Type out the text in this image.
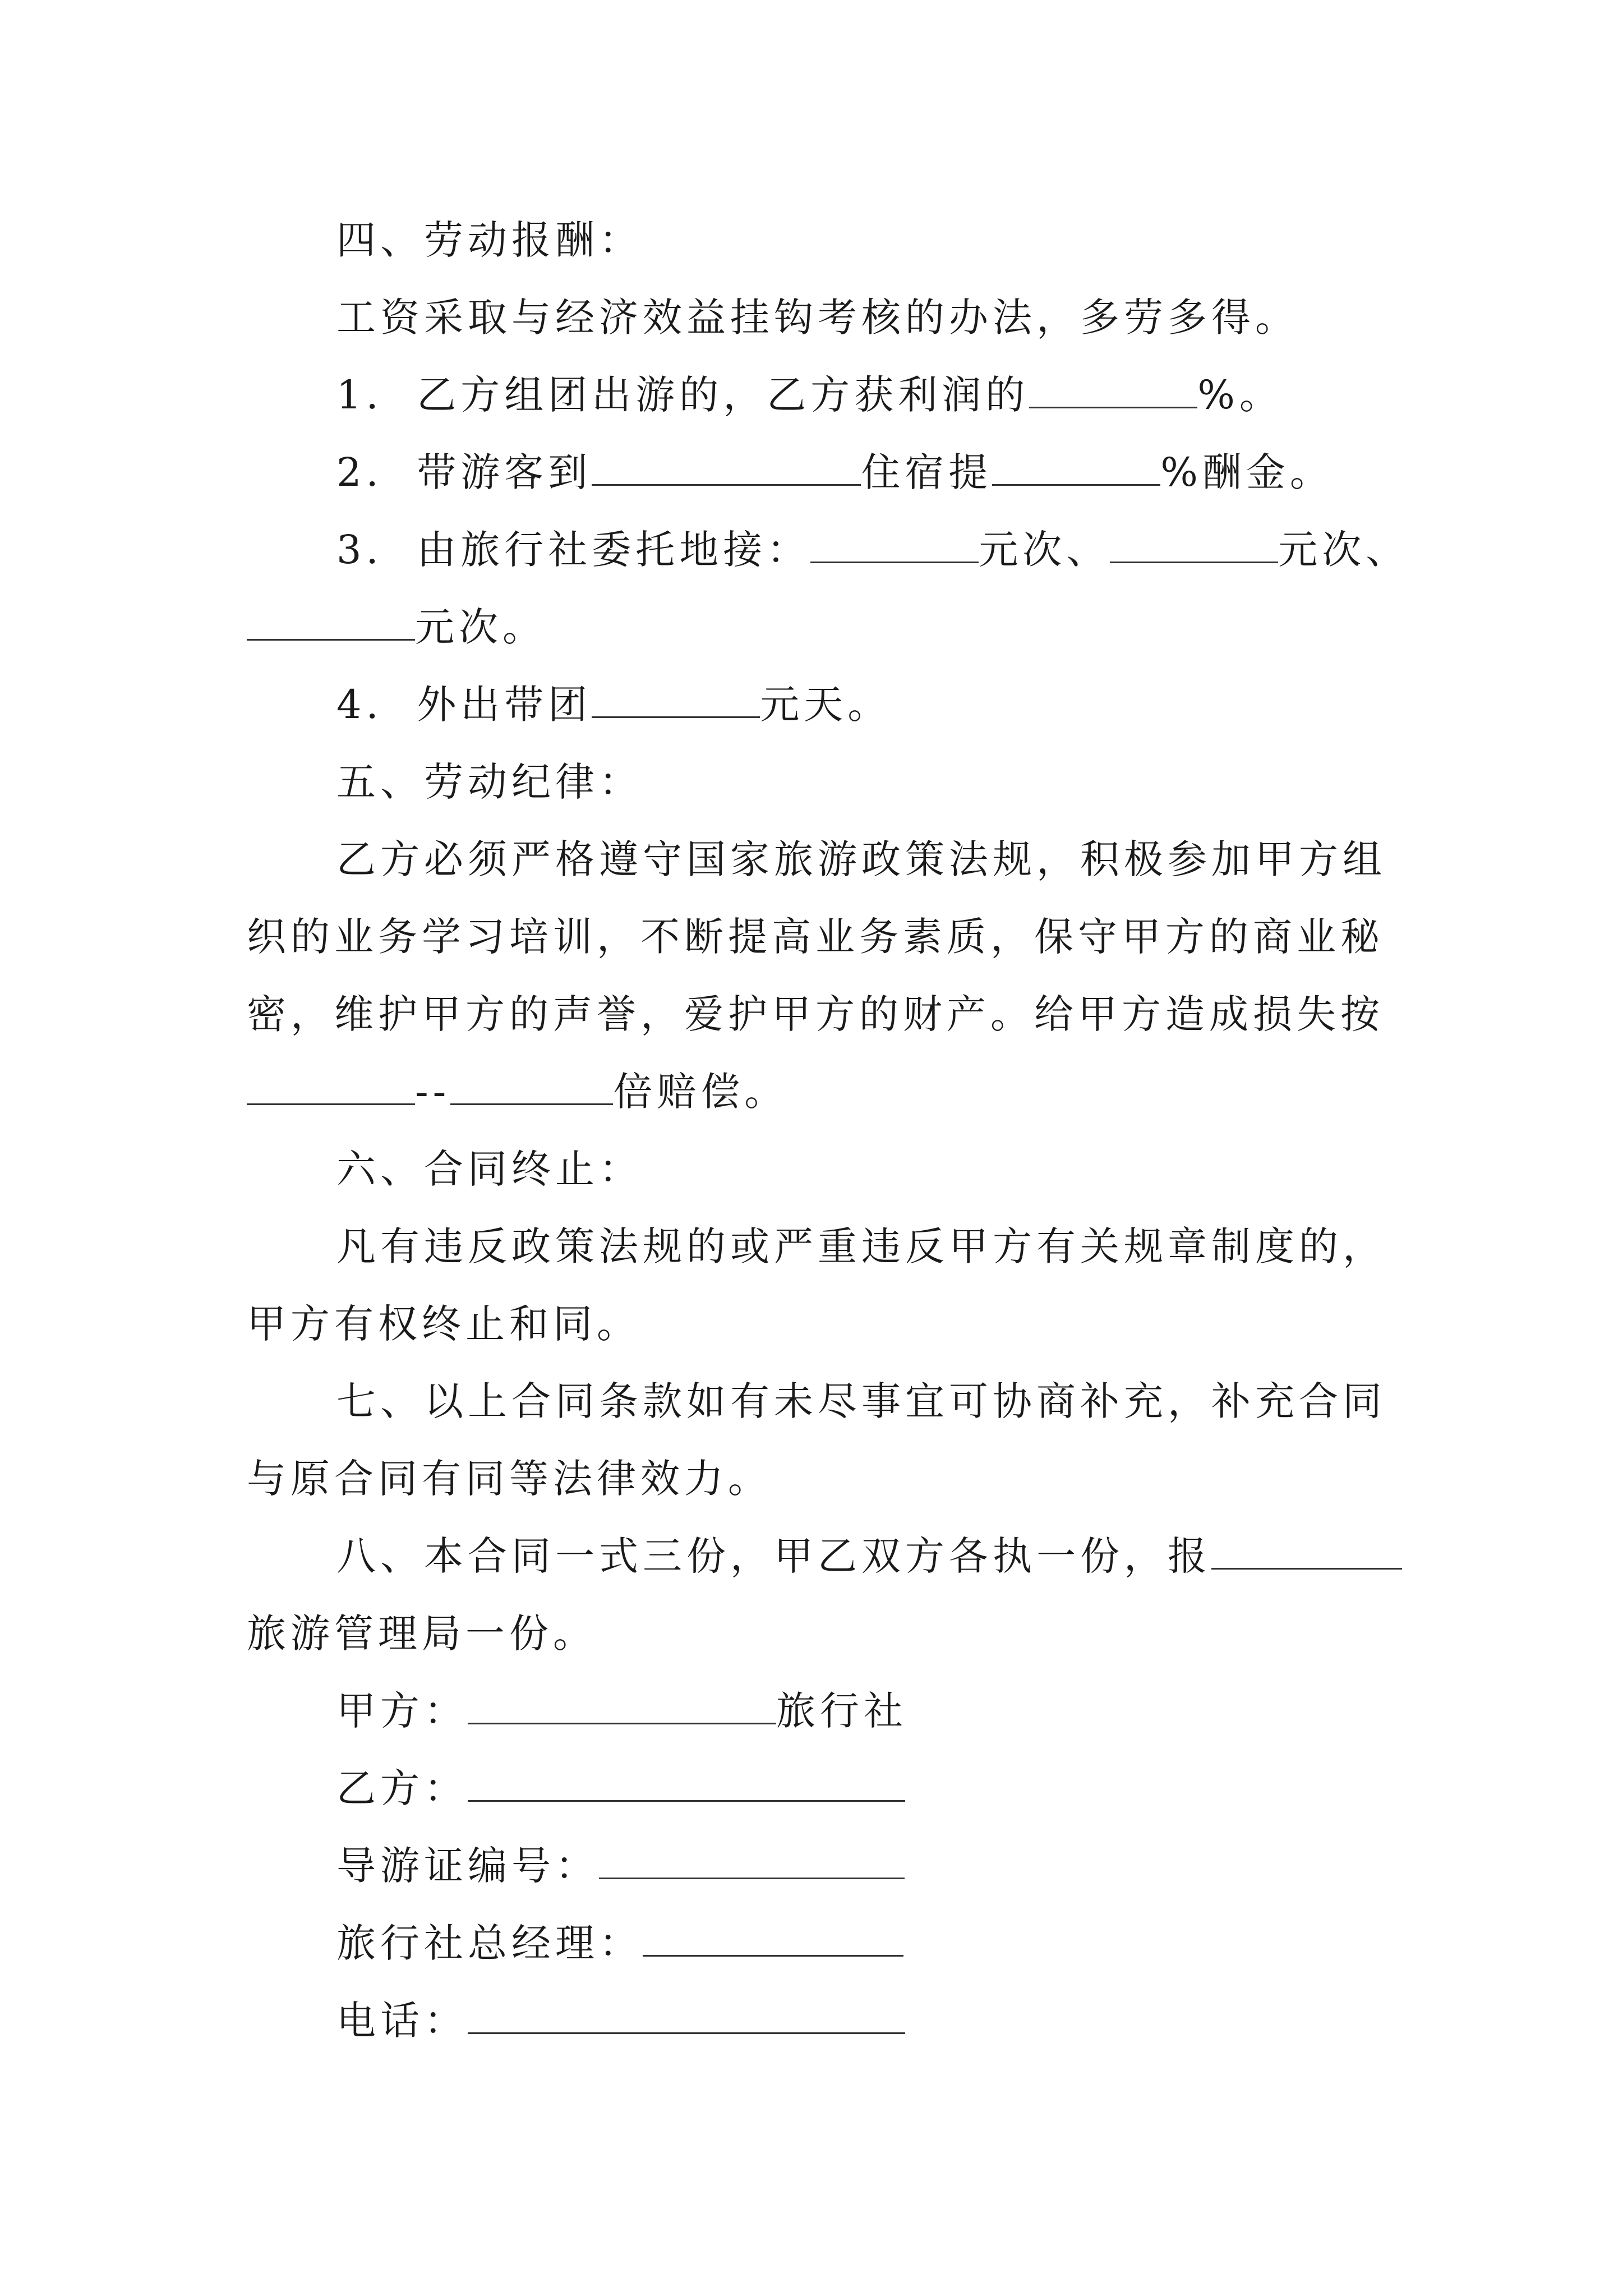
四、劳动报酬：
工资采取与经济效益挂钩考核的办法，多劳多得。
1. 乙方组团出游的，乙方获利润的	%。
2. 带游客到	住宿提	%酬金。
3. 由旅行社委托地接：	元次、	元次、
元次。
4. 外出带团	元天。
五、劳动纪律：
乙方必须严格遵守国家旅游政策法规，积极参加甲方组
织的业务学习培训，不断提高业务素质，保守甲方的商业秘
密，维护甲方的声誉，爱护甲方的财产。给甲方造成损失按
--	倍赔偿。
六、合同终止：
凡有违反政策法规的或严重违反甲方有关规章制度的，
甲方有权终止和同。
七、以上合同条款如有未尽事宜可协商补充，补充合同
与原合同有同等法律效力。
八、本合同一式三份，甲乙双方各执一份，报
旅游管理局一份。
甲方：	旅行社
乙方：
导游证编号：
旅行社总经理：
电话：
